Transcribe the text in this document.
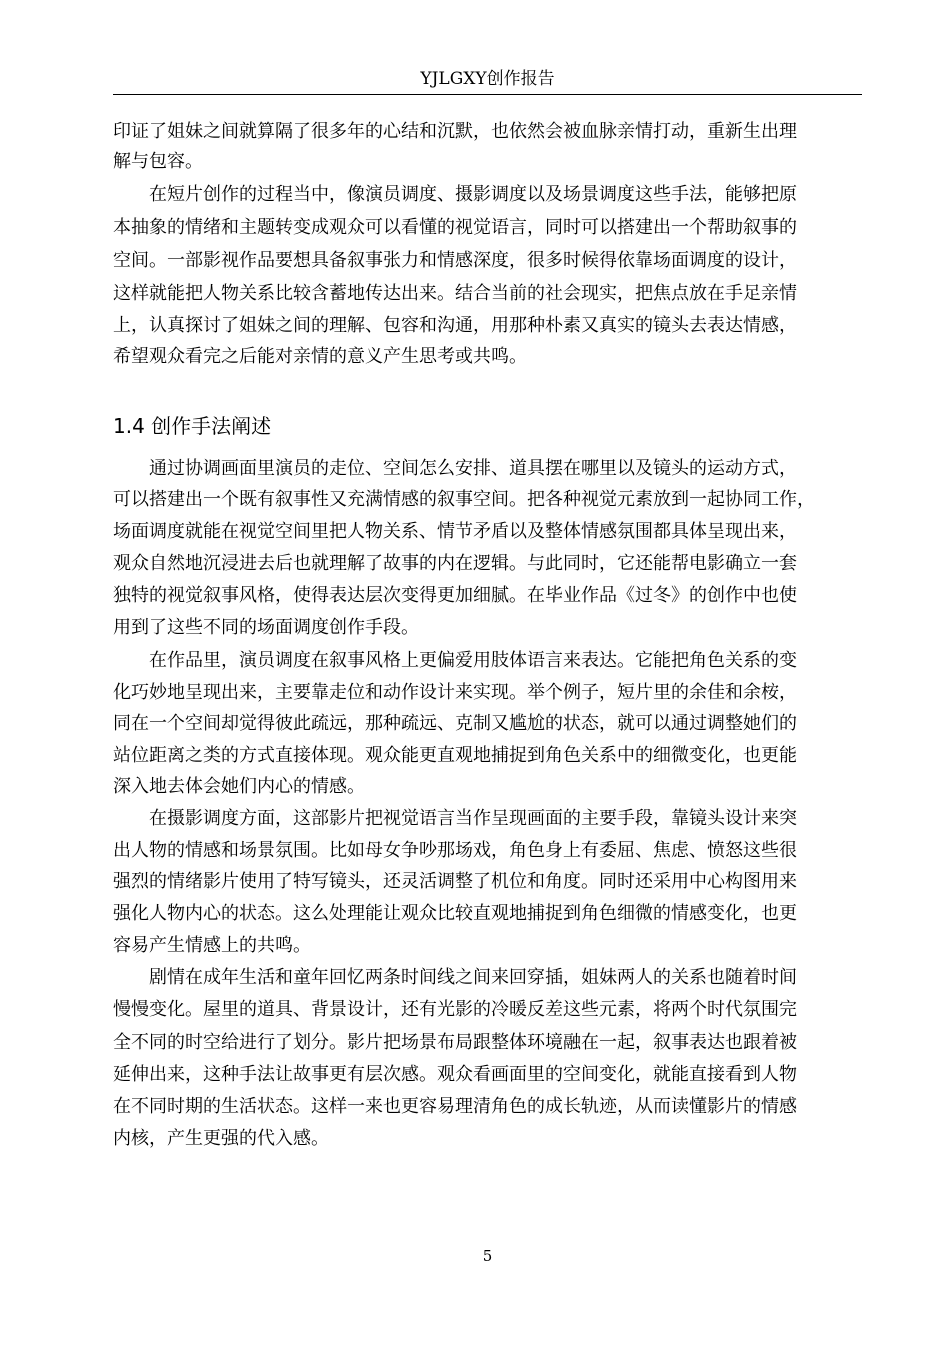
YJLGXY创作报告
印证了姐妹之间就算隔了很多年的心结和沉默，也依然会被血脉亲情打动，重新生出理
解与包容。
　　在短片创作的过程当中，像演员调度、摄影调度以及场景调度这些手法，能够把原
本抽象的情绪和主题转变成观众可以看懂的视觉语言，同时可以搭建出一个帮助叙事的
空间。一部影视作品要想具备叙事张力和情感深度，很多时候得依靠场面调度的设计，
这样就能把人物关系比较含蓄地传达出来。结合当前的社会现实，把焦点放在手足亲情
上，认真探讨了姐妹之间的理解、包容和沟通，用那种朴素又真实的镜头去表达情感，
希望观众看完之后能对亲情的意义产生思考或共鸣。
1.4 创作手法阐述
　　通过协调画面里演员的走位、空间怎么安排、道具摆在哪里以及镜头的运动方式，
可以搭建出一个既有叙事性又充满情感的叙事空间。把各种视觉元素放到一起协同工作，
场面调度就能在视觉空间里把人物关系、情节矛盾以及整体情感氛围都具体呈现出来，
观众自然地沉浸进去后也就理解了故事的内在逻辑。与此同时，它还能帮电影确立一套
独特的视觉叙事风格，使得表达层次变得更加细腻。在毕业作品《过冬》的创作中也使
用到了这些不同的场面调度创作手段。
　　在作品里，演员调度在叙事风格上更偏爱用肢体语言来表达。它能把角色关系的变
化巧妙地呈现出来，主要靠走位和动作设计来实现。举个例子，短片里的余佳和余桉，
同在一个空间却觉得彼此疏远，那种疏远、克制又尴尬的状态，就可以通过调整她们的
站位距离之类的方式直接体现。观众能更直观地捕捉到角色关系中的细微变化，也更能
深入地去体会她们内心的情感。
　　在摄影调度方面，这部影片把视觉语言当作呈现画面的主要手段，靠镜头设计来突
出人物的情感和场景氛围。比如母女争吵那场戏，角色身上有委屈、焦虑、愤怒这些很
强烈的情绪影片使用了特写镜头，还灵活调整了机位和角度。同时还采用中心构图用来
强化人物内心的状态。这么处理能让观众比较直观地捕捉到角色细微的情感变化，也更
容易产生情感上的共鸣。
　　剧情在成年生活和童年回忆两条时间线之间来回穿插，姐妹两人的关系也随着时间
慢慢变化。屋里的道具、背景设计，还有光影的冷暖反差这些元素，将两个时代氛围完
全不同的时空给进行了划分。影片把场景布局跟整体环境融在一起，叙事表达也跟着被
延伸出来，这种手法让故事更有层次感。观众看画面里的空间变化，就能直接看到人物
在不同时期的生活状态。这样一来也更容易理清角色的成长轨迹，从而读懂影片的情感
内核，产生更强的代入感。
5
